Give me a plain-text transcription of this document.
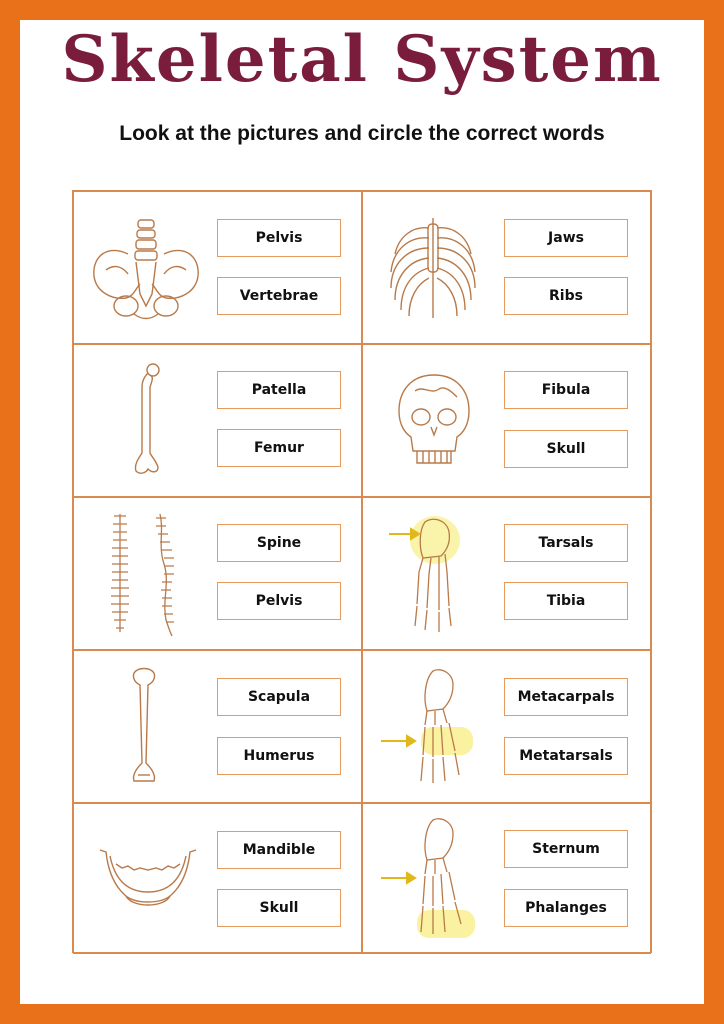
Skeletal System
Look at the pictures and circle the correct words
Pelvis
Vertebrae
Jaws
Ribs
Patella
Femur
Fibula
Skull
Spine
Pelvis
Tarsals
Tibia
Scapula
Humerus
Metacarpals
Metatarsals
Mandible
Skull
Sternum
Phalanges
